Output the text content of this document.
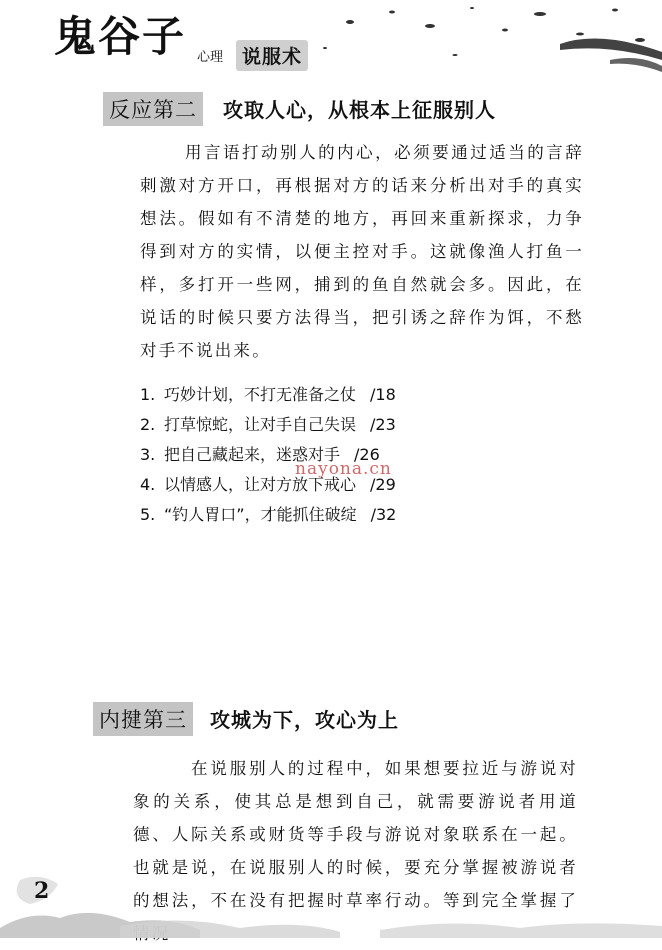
鬼谷子 心理 说服术
反应第二	攻取人心，从根本上征服别人

用言语打动别人的内心，必须要通过适当的言辞刺激对方开口，再根据对方的话来分析出对手的真实想法。假如有不清楚的地方，再回来重新探求，力争得到对方的实情，以便主控对手。这就像渔人打鱼一样，多打开一些网，捕到的鱼自然就会多。因此，在说话的时候只要方法得当，把引诱之辞作为饵，不愁对手不说出来。

1. 巧妙计划，不打无准备之仗 /18
2. 打草惊蛇，让对手自己失误 /23
3. 把自己藏起来，迷惑对手 /26
4. 以情感人，让对方放下戒心 /29
5. “钓人胃口”，才能抓住破绽 /32
nayona.cn
内揵第三	攻城为下，攻心为上

在说服别人的过程中，如果想要拉近与游说对象的关系，使其总是想到自己，就需要游说者用道德、人际关系或财货等手段与游说对象联系在一起。也就是说，在说服别人的时候，要充分掌握被游说者的想法，不在没有把握时草率行动。等到完全掌握了

2
